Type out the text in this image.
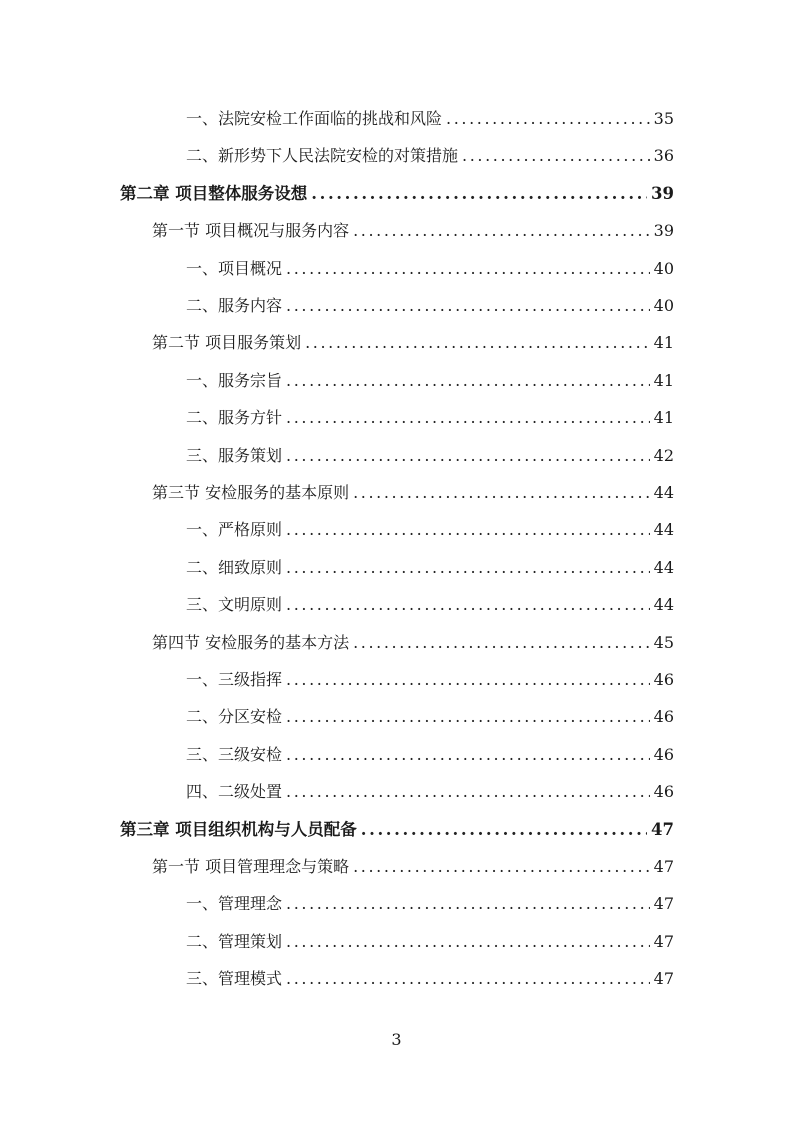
一、法院安检工作面临的挑战和风险 .....	35
二、新形势下人民法院安检的对策措施 .....	36
第二章 项目整体服务设想 .....	39
第一节 项目概况与服务内容 .....	39
一、项目概况 .....	40
二、服务内容 .....	40
第二节 项目服务策划 .....	41
一、服务宗旨 .....	41
二、服务方针 .....	41
三、服务策划 .....	42
第三节 安检服务的基本原则 .....	44
一、严格原则 .....	44
二、细致原则 .....	44
三、文明原则 .....	44
第四节 安检服务的基本方法 .....	45
一、三级指挥 .....	46
二、分区安检 .....	46
三、三级安检 .....	46
四、二级处置 .....	46
第三章 项目组织机构与人员配备 .....	47
第一节 项目管理理念与策略 .....	47
一、管理理念 .....	47
二、管理策划 .....	47
三、管理模式 .....	47
3
